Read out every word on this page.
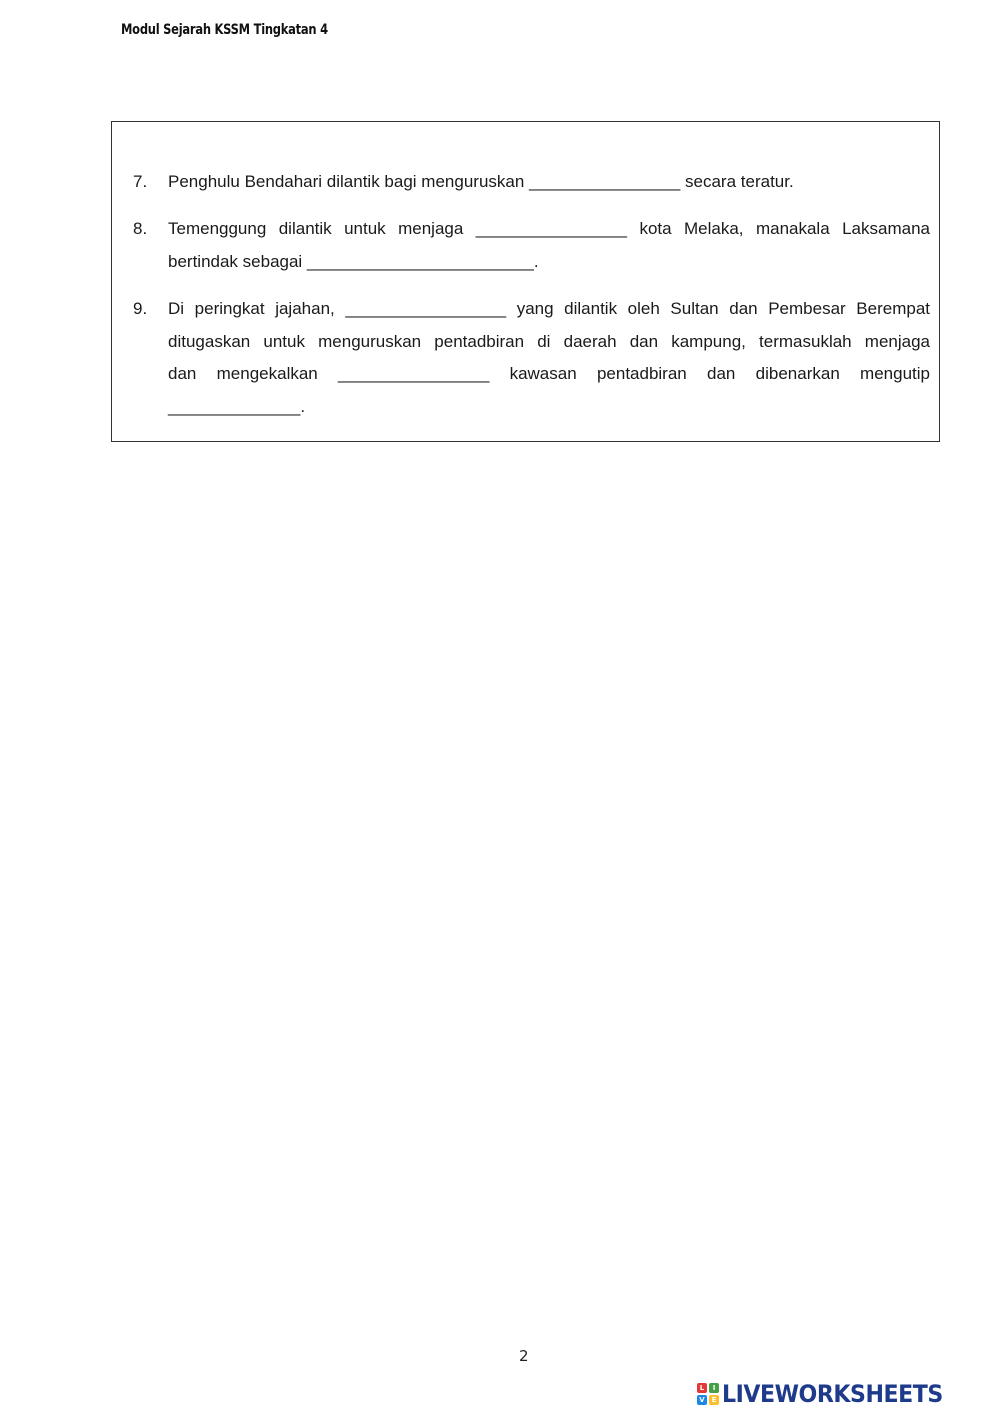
Modul Sejarah KSSM Tingkatan 4
7. Penghulu Bendahari dilantik bagi menguruskan ________________ secara teratur.
8. Temenggung dilantik untuk menjaga ________________ kota Melaka, manakala Laksamana
bertindak sebagai ________________________.
9. Di peringkat jajahan, _________________ yang dilantik oleh Sultan dan Pembesar Berempat
ditugaskan untuk menguruskan pentadbiran di daerah dan kampung, termasuklah menjaga
dan mengekalkan ________________ kawasan pentadbiran dan dibenarkan mengutip
______________.
2
L	I
V E LIVEWORKSHEETS
